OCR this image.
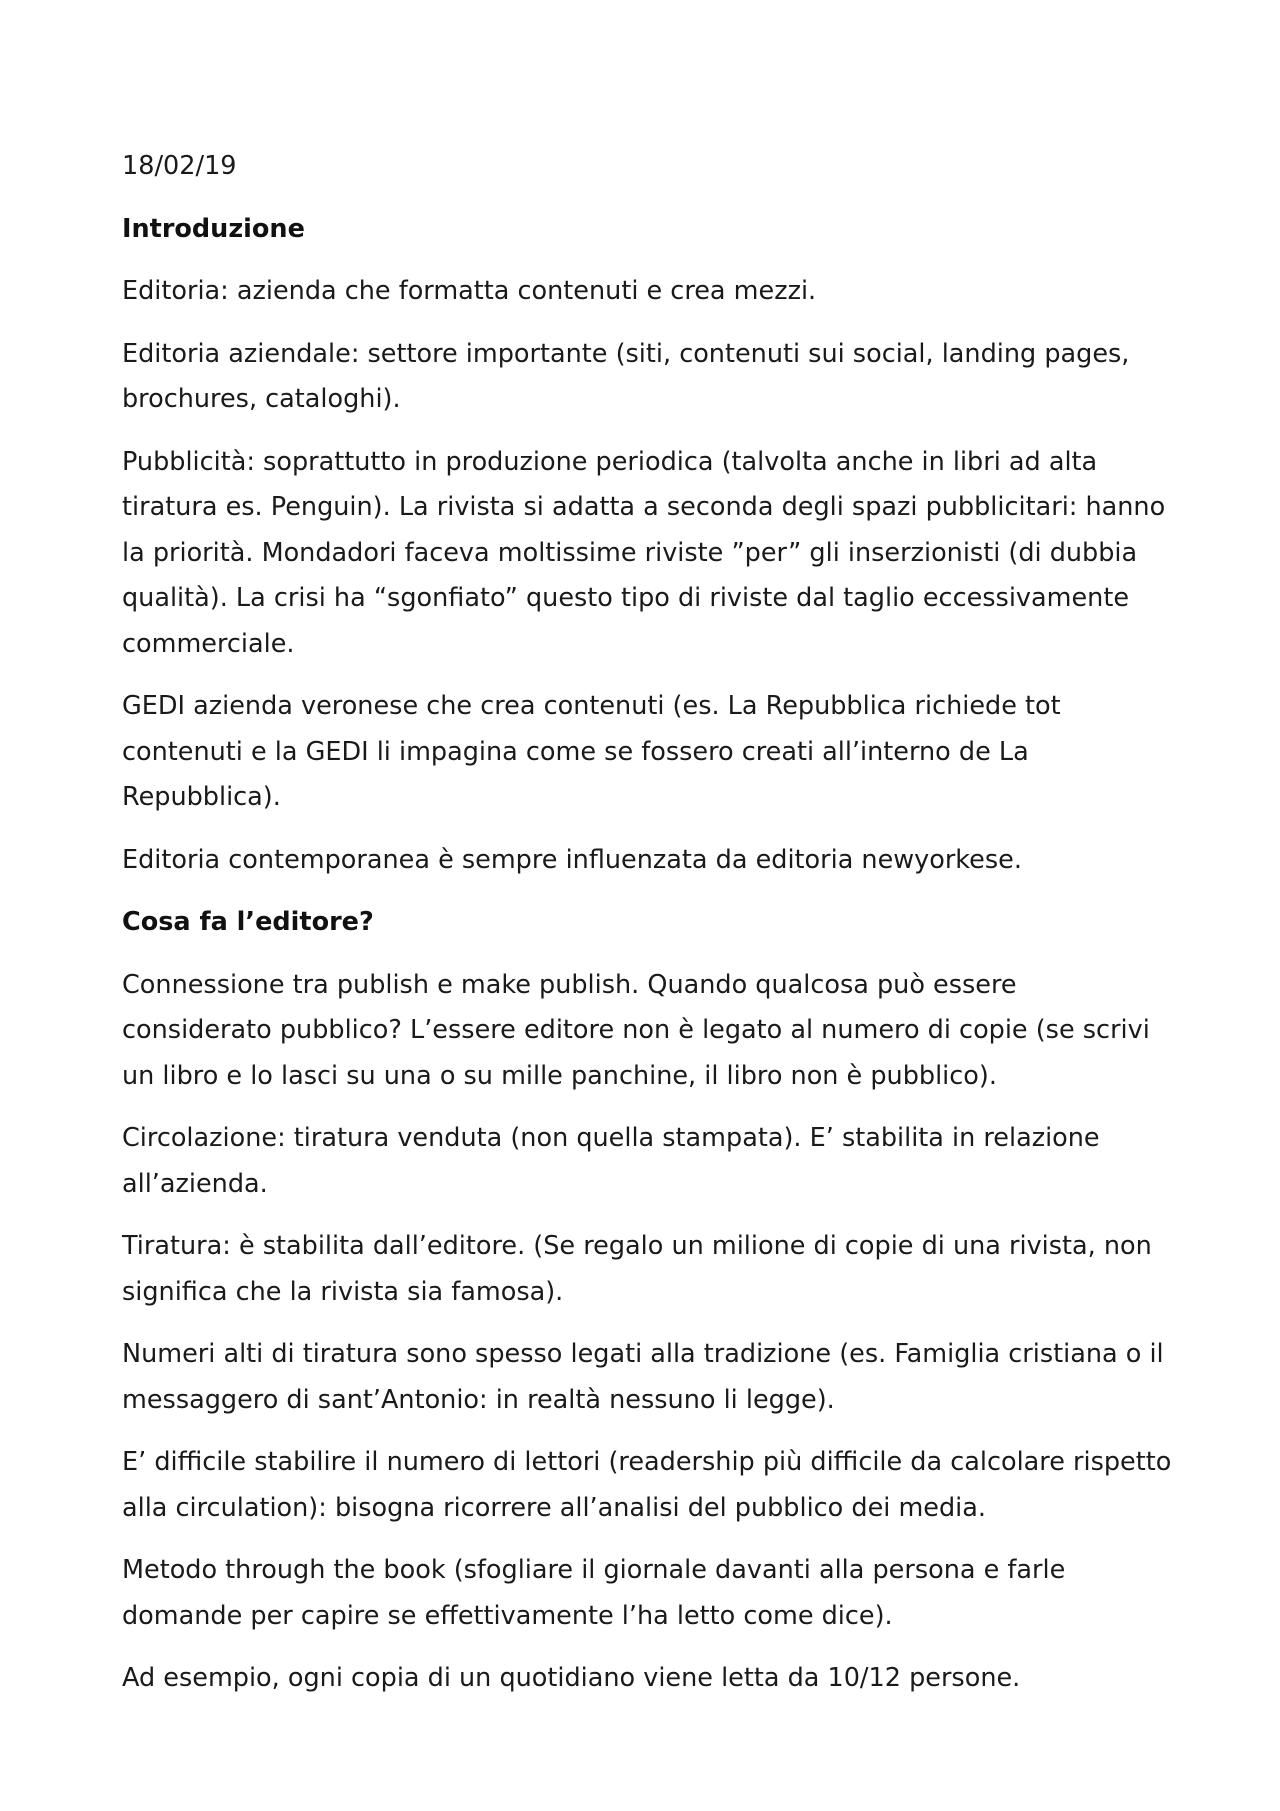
18/02/19

Introduzione

Editoria: azienda che formatta contenuti e crea mezzi.

Editoria aziendale: settore importante (siti, contenuti sui social, landing pages, brochures, cataloghi).

Pubblicità: soprattutto in produzione periodica (talvolta anche in libri ad alta tiratura es. Penguin). La rivista si adatta a seconda degli spazi pubblicitari: hanno la priorità. Mondadori faceva moltissime riviste ”per” gli inserzionisti (di dubbia qualità). La crisi ha “sgonfiato” questo tipo di riviste dal taglio eccessivamente commerciale.

GEDI azienda veronese che crea contenuti (es. La Repubblica richiede tot contenuti e la GEDI li impagina come se fossero creati all’interno de La Repubblica).

Editoria contemporanea è sempre influenzata da editoria newyorkese.

Cosa fa l’editore?

Connessione tra publish e make publish. Quando qualcosa può essere considerato pubblico? L’essere editore non è legato al numero di copie (se scrivi un libro e lo lasci su una o su mille panchine, il libro non è pubblico).

Circolazione: tiratura venduta (non quella stampata). E’ stabilita in relazione all’azienda.

Tiratura: è stabilita dall’editore. (Se regalo un milione di copie di una rivista, non significa che la rivista sia famosa).

Numeri alti di tiratura sono spesso legati alla tradizione (es. Famiglia cristiana o il messaggero di sant’Antonio: in realtà nessuno li legge).

E’ difficile stabilire il numero di lettori (readership più difficile da calcolare rispetto alla circulation): bisogna ricorrere all’analisi del pubblico dei media.

Metodo through the book (sfogliare il giornale davanti alla persona e farle domande per capire se effettivamente l’ha letto come dice).

Ad esempio, ogni copia di un quotidiano viene letta da 10/12 persone.
